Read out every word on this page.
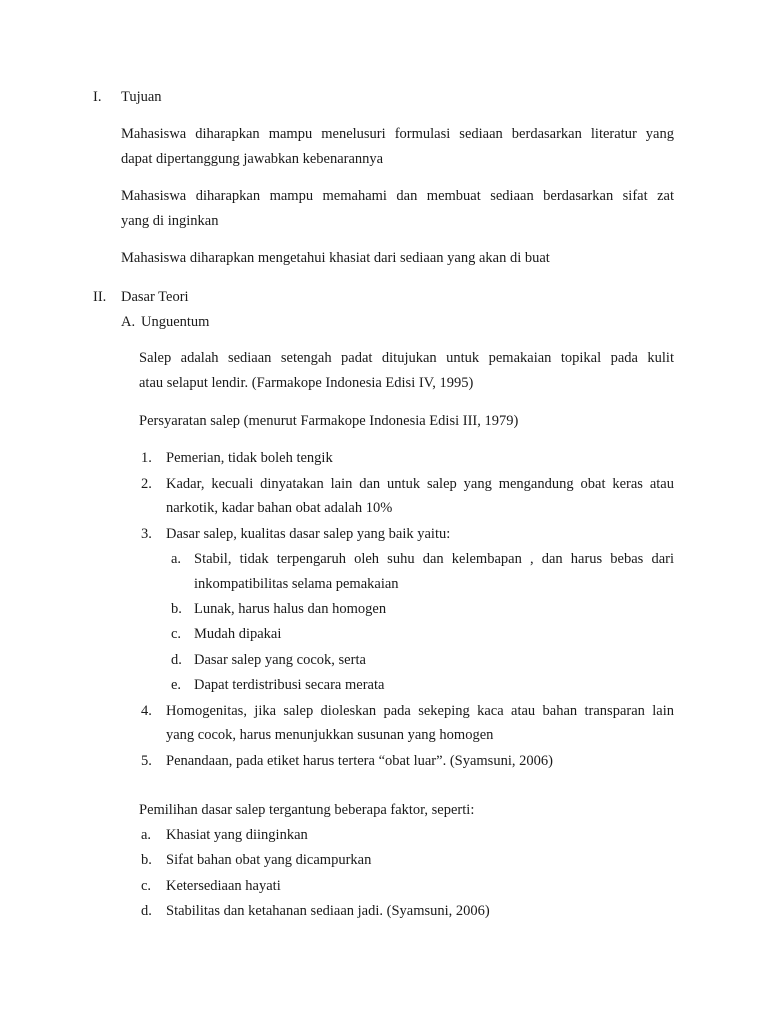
I. Tujuan
Mahasiswa diharapkan mampu menelusuri formulasi sediaan berdasarkan literatur yang
dapat dipertanggung jawabkan kebenarannya
Mahasiswa diharapkan mampu memahami dan membuat sediaan berdasarkan sifat zat
yang di inginkan
Mahasiswa diharapkan mengetahui khasiat dari sediaan yang akan di buat
II. Dasar Teori
A. Unguentum
Salep adalah sediaan setengah padat ditujukan untuk pemakaian topikal pada kulit
atau selaput lendir. (Farmakope Indonesia Edisi IV, 1995)
Persyaratan salep (menurut Farmakope Indonesia Edisi III, 1979)
1. Pemerian, tidak boleh tengik
2. Kadar, kecuali dinyatakan lain dan untuk salep yang mengandung obat keras atau
narkotik, kadar bahan obat adalah 10%
3. Dasar salep, kualitas dasar salep yang baik yaitu:
a. Stabil, tidak terpengaruh oleh suhu dan kelembapan , dan harus bebas dari
inkompatibilitas selama pemakaian
b. Lunak, harus halus dan homogen
c. Mudah dipakai
d. Dasar salep yang cocok, serta
e. Dapat terdistribusi secara merata
4. Homogenitas, jika salep dioleskan pada sekeping kaca atau bahan transparan lain
yang cocok, harus menunjukkan susunan yang homogen
5. Penandaan, pada etiket harus tertera “obat luar”. (Syamsuni, 2006)
Pemilihan dasar salep tergantung beberapa faktor, seperti:
a. Khasiat yang diinginkan
b. Sifat bahan obat yang dicampurkan
c. Ketersediaan hayati
d. Stabilitas dan ketahanan sediaan jadi. (Syamsuni, 2006)
